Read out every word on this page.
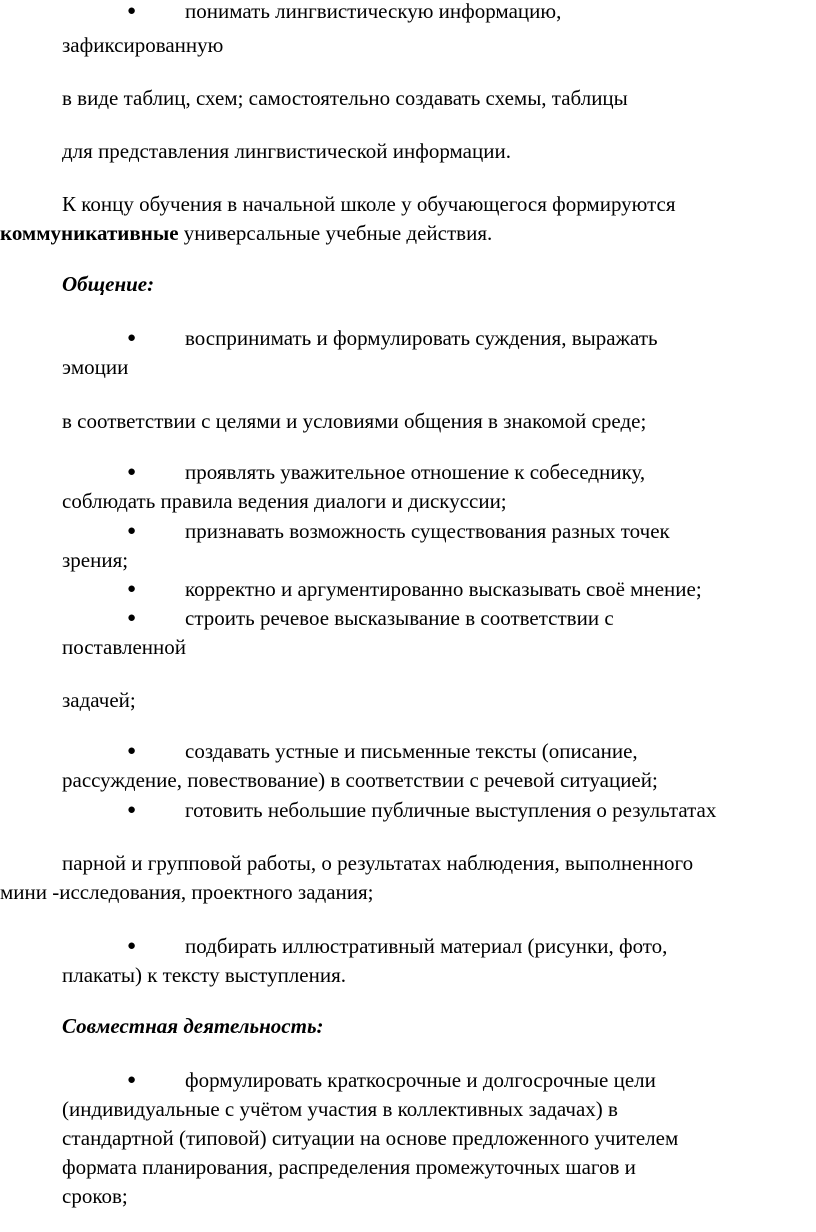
● понимать лингвистическую информацию,
зафиксированную
в виде таблиц, схем; самостоятельно создавать схемы, таблицы
для представления лингвистической информации.
К концу обучения в начальной школе у обучающегося формируются
коммуникативные универсальные учебные действия.
Общение:
● воспринимать и формулировать суждения, выражать
эмоции
в соответствии с целями и условиями общения в знакомой среде;
● проявлять уважительное отношение к собеседнику,
соблюдать правила ведения диалоги и дискуссии;
● признавать возможность существования разных точек
зрения;
● корректно и аргументированно высказывать своё мнение;
● строить речевое высказывание в соответствии с
поставленной
задачей;
● создавать устные и письменные тексты (описание,
рассуждение, повествование) в соответствии с речевой ситуацией;
● готовить небольшие публичные выступления о результатах
парной и групповой работы, о результатах наблюдения, выполненного
мини -исследования, проектного задания;
● подбирать иллюстративный материал (рисунки, фото,
плакаты) к тексту выступления.
Совместная деятельность:
● формулировать краткосрочные и долгосрочные цели
(индивидуальные с учётом участия в коллективных задачах) в
стандартной (типовой) ситуации на основе предложенного учителем
формата планирования, распределения промежуточных шагов и
сроков;
